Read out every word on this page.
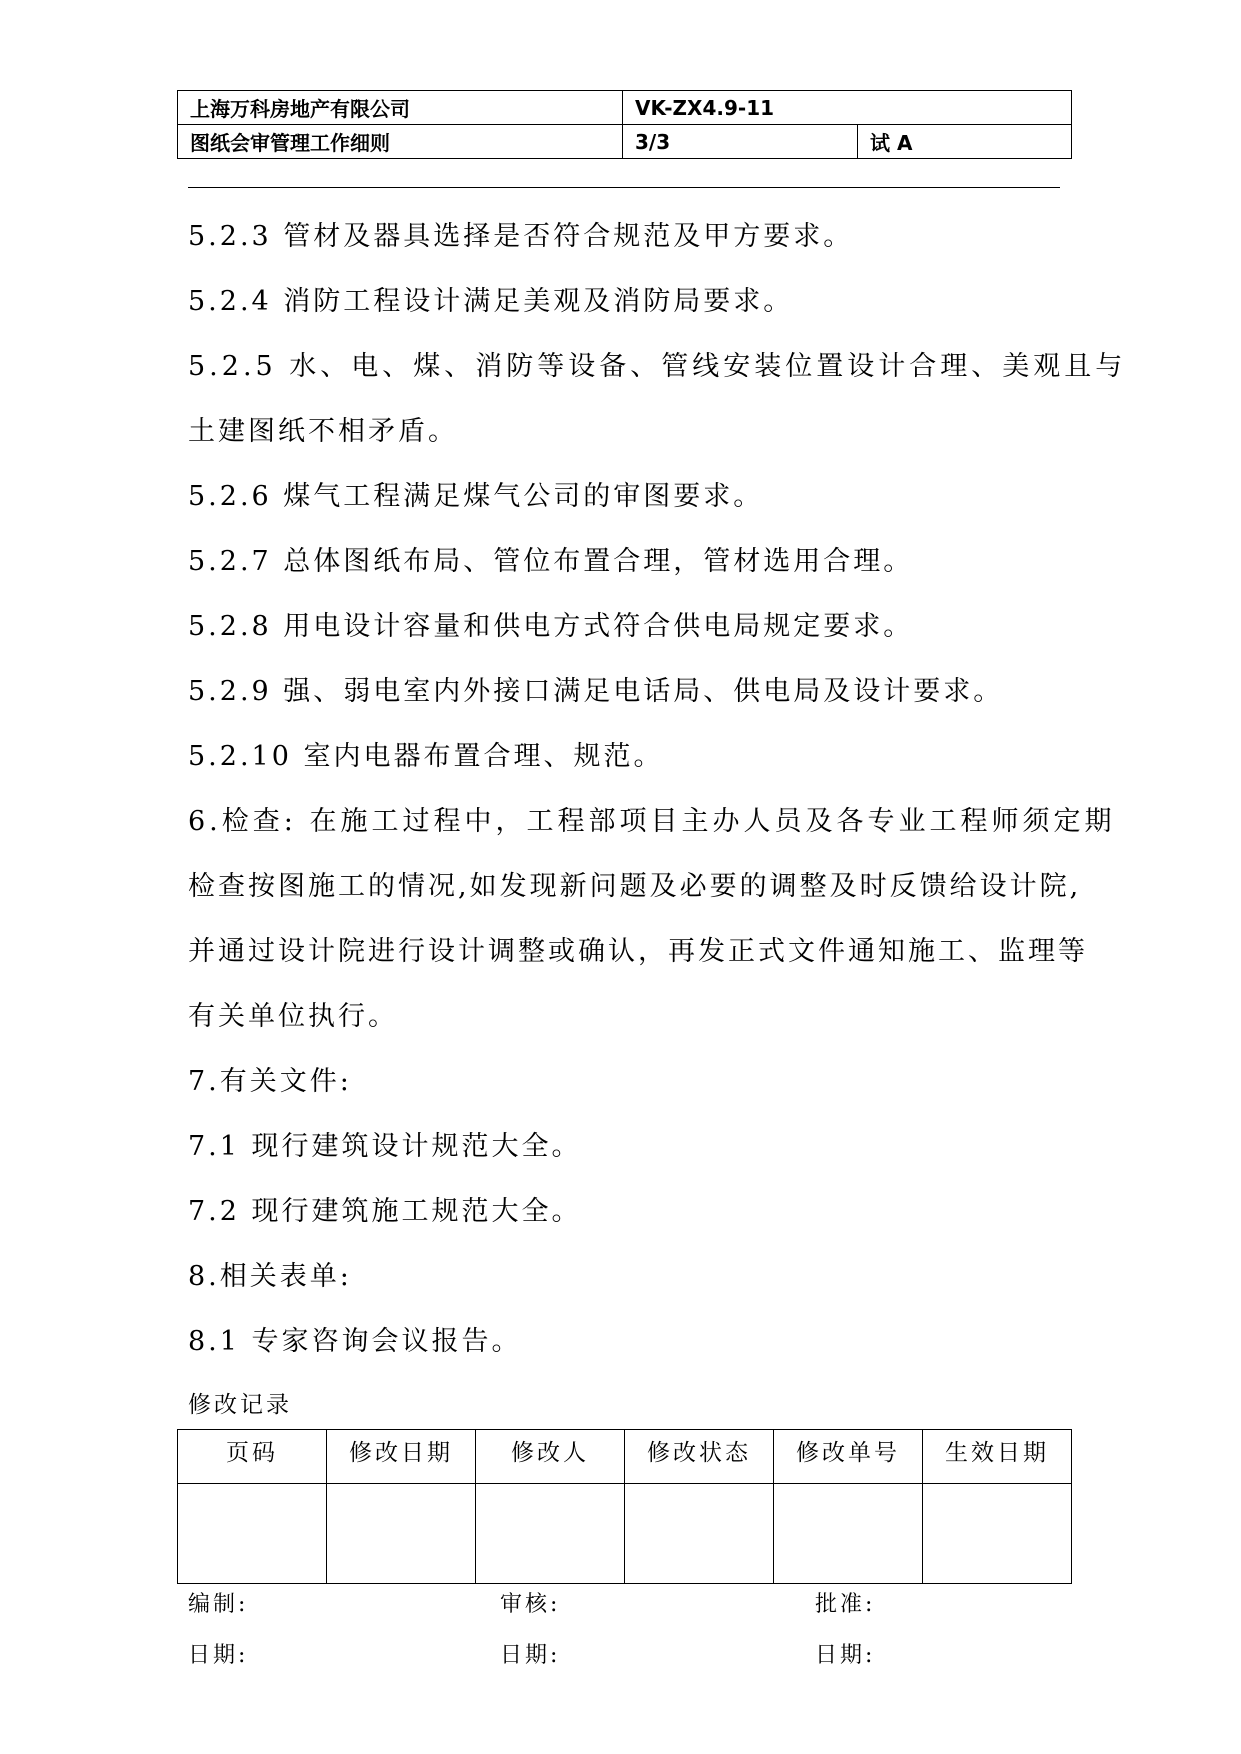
上海万科房地产有限公司	VK-ZX4.9-11	
图纸会审管理工作细则	3/3	试 A
5.2.3 管材及器具选择是否符合规范及甲方要求。
5.2.4 消防工程设计满足美观及消防局要求。
5.2.5 水、电、煤、消防等设备、管线安装位置设计合理、美观且与
土建图纸不相矛盾。
5.2.6 煤气工程满足煤气公司的审图要求。
5.2.7 总体图纸布局、管位布置合理，管材选用合理。
5.2.8 用电设计容量和供电方式符合供电局规定要求。
5.2.9 强、弱电室内外接口满足电话局、供电局及设计要求。
5.2.10 室内电器布置合理、规范。
6.检查: 在施工过程中，工程部项目主办人员及各专业工程师须定期
检查按图施工的情况,如发现新问题及必要的调整及时反馈给设计院,
并通过设计院进行设计调整或确认，再发正式文件通知施工、监理等
有关单位执行。
7.有关文件:
7.1 现行建筑设计规范大全。
7.2 现行建筑施工规范大全。
8.相关表单:
8.1 专家咨询会议报告。
修改记录
页码	修改日期	修改人	修改状态	修改单号	生效日期

编制:	审核:	批准:
日期:	日期:	日期:
